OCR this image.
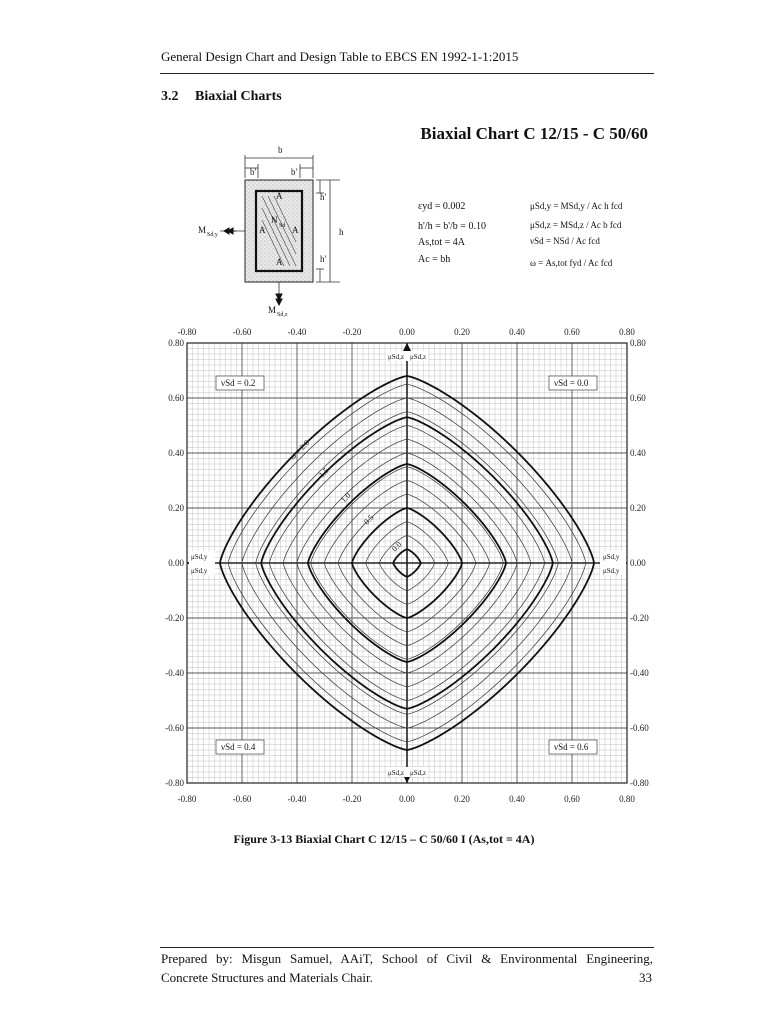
General Design Chart and Design Table to EBCS EN 1992-1-1:2015
3.2 Biaxial Charts
Biaxial Chart C 12/15 - C 50/60
b
b'	b'
h'
h
h'
A
A	A
A
N
Sd
M Sd,y
M Sd,z
εyd = 0.002
h'/h = b'/b = 0.10
As,tot = 4A
Ac = bh
μSd,y = MSd,y / Ac h fcd
μSd,z = MSd,z / Ac b fcd
νSd = NSd / Ac fcd
ω = As,tot fyd / Ac fcd
-0.80
-0.80
-0.60
-0.60
-0.40
-0.40
-0.20
-0.20
0.00
0.00
0.20
0.20
0.40
0.40
0.60
0.60
0.80
0.80
0.80	0.80
0.60	0.60
0.40	0.40
0.20	0.20
0.00	0.00
-0.20	-0.20
-0.40	-0.40
-0.60	-0.60
-0.80	-0.80
νSd = 0.2	νSd = 0.0
νSd = 0.4	νSd = 0.6
μSd,z μSd,z
μSd,y
μSd,y
μSd,y
μSd,y
μSd,z μSd,z
ω = 2.0
1.5
1.0
0.5
0.0
Figure 3-13 Biaxial Chart C 12/15 – C 50/60 I (As,tot = 4A)
Prepared by: Misgun Samuel, AAiT, School of Civil & Environmental Engineering,
Concrete Structures and Materials Chair.	33
